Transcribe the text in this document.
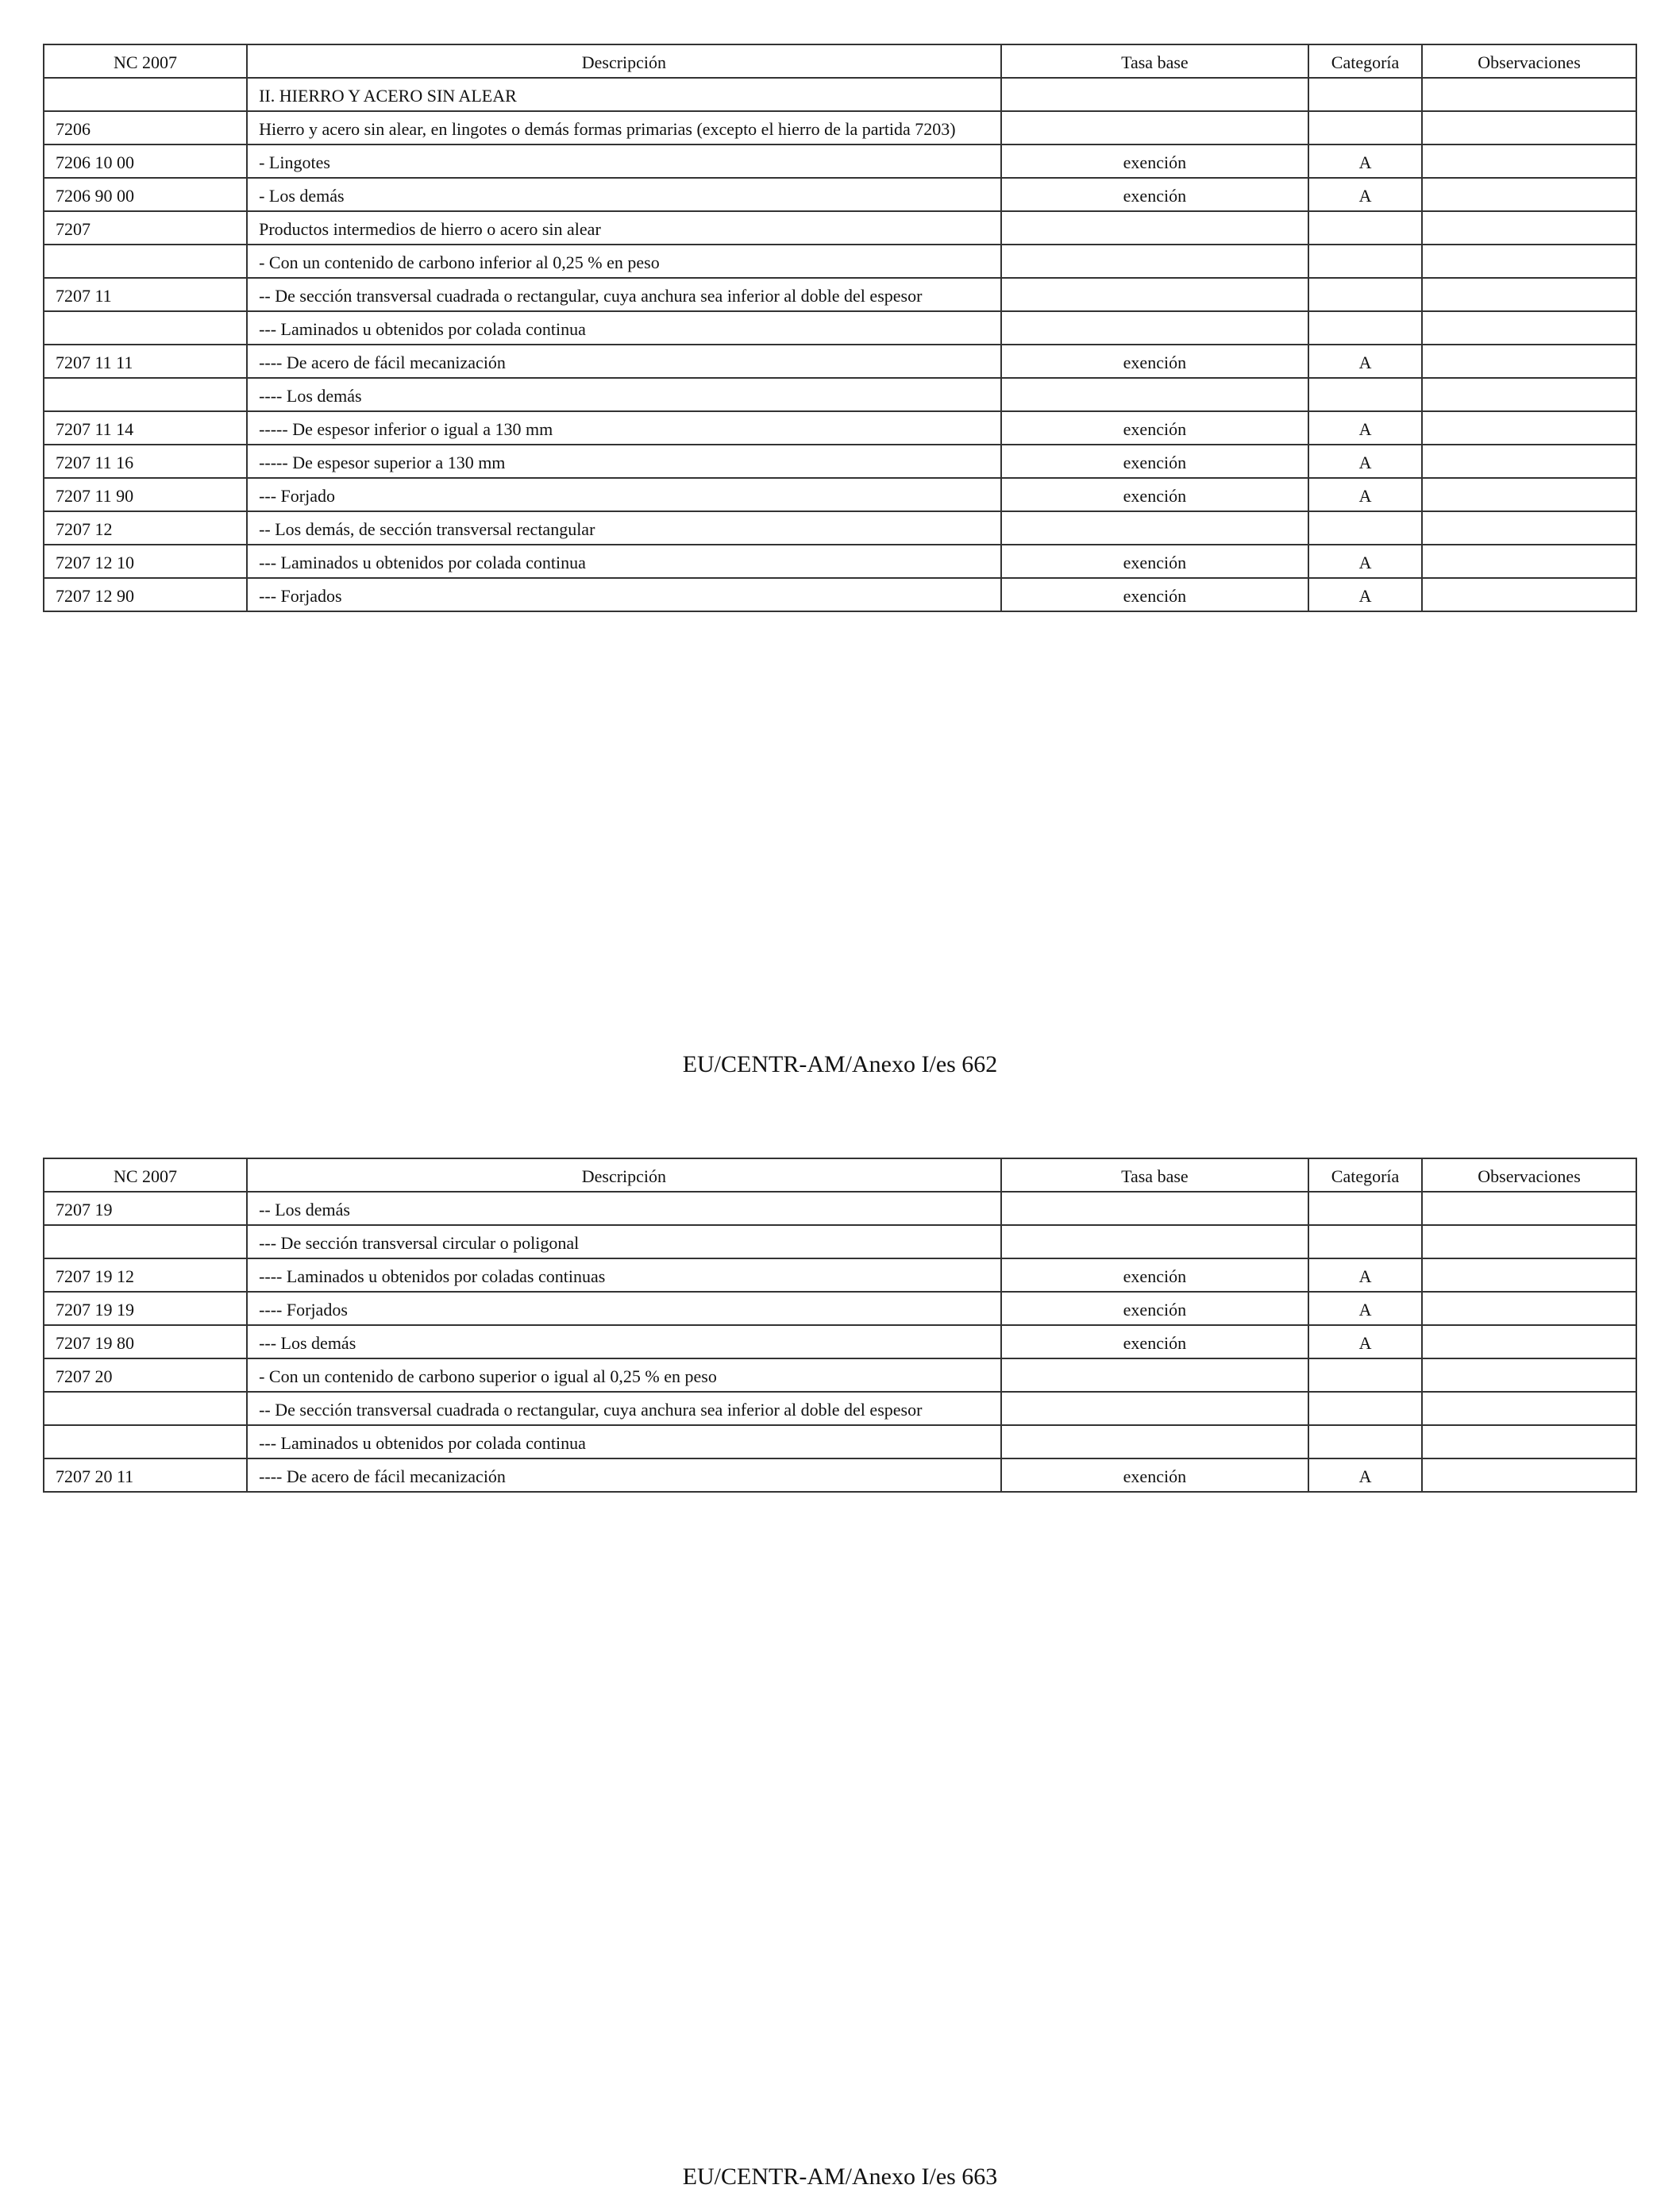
NC 2007	Descripción	Tasa base	Categoría	Observaciones
	II. HIERRO Y ACERO SIN ALEAR			
7206	Hierro y acero sin alear, en lingotes o demás formas primarias (excepto el hierro de la partida 7203)			
7206 10 00	- Lingotes	exención	A	
7206 90 00	- Los demás	exención	A	
7207	Productos intermedios de hierro o acero sin alear			
	- Con un contenido de carbono inferior al 0,25 % en peso			
7207 11	-- De sección transversal cuadrada o rectangular, cuya anchura sea inferior al doble del espesor			
	--- Laminados u obtenidos por colada continua			
7207 11 11	---- De acero de fácil mecanización	exención	A	
	---- Los demás			
7207 11 14	----- De espesor inferior o igual a 130 mm	exención	A	
7207 11 16	----- De espesor superior a 130 mm	exención	A	
7207 11 90	--- Forjado	exención	A	
7207 12	-- Los demás, de sección transversal rectangular			
7207 12 10	--- Laminados u obtenidos por colada continua	exención	A	
7207 12 90	--- Forjados	exención	A	
EU/CENTR-AM/Anexo I/es 662
NC 2007	Descripción	Tasa base	Categoría	Observaciones
7207 19	-- Los demás			
	--- De sección transversal circular o poligonal			
7207 19 12	---- Laminados u obtenidos por coladas continuas	exención	A	
7207 19 19	---- Forjados	exención	A	
7207 19 80	--- Los demás	exención	A	
7207 20	- Con un contenido de carbono superior o igual al 0,25 % en peso			
	-- De sección transversal cuadrada o rectangular, cuya anchura sea inferior al doble del espesor			
	--- Laminados u obtenidos por colada continua			
7207 20 11	---- De acero de fácil mecanización	exención	A	
EU/CENTR-AM/Anexo I/es 663
